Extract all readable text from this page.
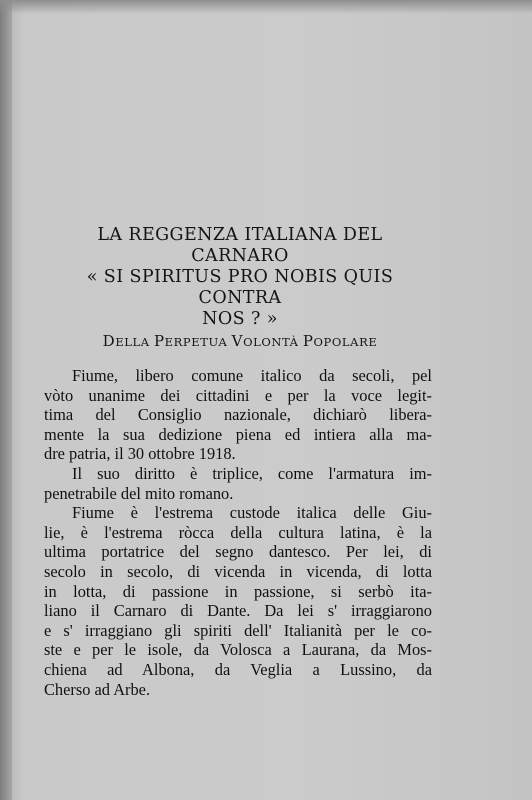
LA REGGENZA ITALIANA DEL CARNARO
« SI SPIRITUS PRO NOBIS QUIS CONTRA
NOS ? »
DELLA PERPETUA VOLONTÀ POPOLARE
Fiume, libero comune italico da secoli, pel
vòto unanime dei cittadini e per la voce legit-
tima del Consiglio nazionale, dichiarò libera-
mente la sua dedizione piena ed intiera alla ma-
dre patria, il 30 ottobre 1918.
Il suo diritto è triplice, come l'armatura im-
penetrabile del mito romano.
Fiume è l'estrema custode italica delle Giu-
lie, è l'estrema ròcca della cultura latina, è la
ultima portatrice del segno dantesco. Per lei, di
secolo in secolo, di vicenda in vicenda, di lotta
in lotta, di passione in passione, si serbò ita-
liano il Carnaro di Dante. Da lei s' irraggiarono
e s' irraggiano gli spiriti dell' Italianità per le co-
ste e per le isole, da Volosca a Laurana, da Mos-
chiena ad Albona, da Veglia a Lussino, da
Cherso ad Arbe.
